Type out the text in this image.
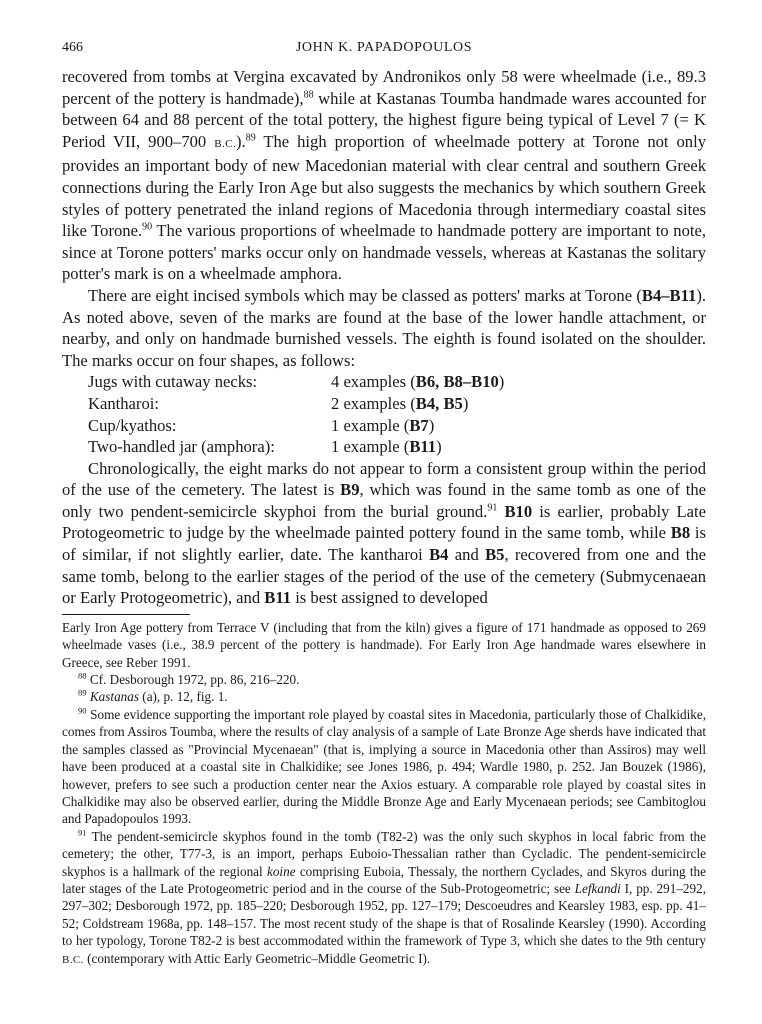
466	JOHN K. PAPADOPOULOS

recovered from tombs at Vergina excavated by Andronikos only 58 were wheelmade (i.e., 89.3 percent of the pottery is handmade),$^{88}$ while at Kastanas Toumba handmade wares accounted for between 64 and 88 percent of the total pottery, the highest figure being typical of Level 7 (= K Period VII, 900–700 B.C.).$^{89}$ The high proportion of wheelmade pottery at Torone not only provides an important body of new Macedonian material with clear central and southern Greek connections during the Early Iron Age but also suggests the mechanics by which southern Greek styles of pottery penetrated the inland regions of Macedonia through intermediary coastal sites like Torone.$^{90}$ The various proportions of wheelmade to handmade pottery are important to note, since at Torone potters' marks occur only on handmade vessels, whereas at Kastanas the solitary potter's mark is on a wheelmade amphora.

There are eight incised symbols which may be classed as potters' marks at Torone (B4–B11). As noted above, seven of the marks are found at the base of the lower handle attachment, or nearby, and only on handmade burnished vessels. The eighth is found isolated on the shoulder. The marks occur on four shapes, as follows:

Jugs with cutaway necks:	4 examples (B6, B8–B10)
Kantharoi:	2 examples (B4, B5)
Cup/kyathos:	1 example (B7)
Two-handled jar (amphora):	1 example (B11)

Chronologically, the eight marks do not appear to form a consistent group within the period of the use of the cemetery. The latest is B9, which was found in the same tomb as one of the only two pendent-semicircle skyphoi from the burial ground.$^{91}$ B10 is earlier, probably Late Protogeometric to judge by the wheelmade painted pottery found in the same tomb, while B8 is of similar, if not slightly earlier, date. The kantharoi B4 and B5, recovered from one and the same tomb, belong to the earlier stages of the period of the use of the cemetery (Submycenaean or Early Protogeometric), and B11 is best assigned to developed

Early Iron Age pottery from Terrace V (including that from the kiln) gives a figure of 171 handmade as opposed to 269 wheelmade vases (i.e., 38.9 percent of the pottery is handmade). For Early Iron Age handmade wares elsewhere in Greece, see Reber 1991.

$^{88}$ Cf. Desborough 1972, pp. 86, 216–220.

$^{89}$ Kastanas (a), p. 12, fig. 1.

$^{90}$ Some evidence supporting the important role played by coastal sites in Macedonia, particularly those of Chalkidike, comes from Assiros Toumba, where the results of clay analysis of a sample of Late Bronze Age sherds have indicated that the samples classed as "Provincial Mycenaean" (that is, implying a source in Macedonia other than Assiros) may well have been produced at a coastal site in Chalkidike; see Jones 1986, p. 494; Wardle 1980, p. 252. Jan Bouzek (1986), however, prefers to see such a production center near the Axios estuary. A comparable role played by coastal sites in Chalkidike may also be observed earlier, during the Middle Bronze Age and Early Mycenaean periods; see Cambitoglou and Papadopoulos 1993.

$^{91}$ The pendent-semicircle skyphos found in the tomb (T82-2) was the only such skyphos in local fabric from the cemetery; the other, T77-3, is an import, perhaps Euboio-Thessalian rather than Cycladic. The pendent-semicircle skyphos is a hallmark of the regional koine comprising Euboia, Thessaly, the northern Cyclades, and Skyros during the later stages of the Late Protogeometric period and in the course of the Sub-Protogeometric; see Lefkandi I, pp. 291–292, 297–302; Desborough 1972, pp. 185–220; Desborough 1952, pp. 127–179; Descoeudres and Kearsley 1983, esp. pp. 41–52; Coldstream 1968a, pp. 148–157. The most recent study of the shape is that of Rosalinde Kearsley (1990). According to her typology, Torone T82-2 is best accommodated within the framework of Type 3, which she dates to the 9th century B.C. (contemporary with Attic Early Geometric–Middle Geometric I).
